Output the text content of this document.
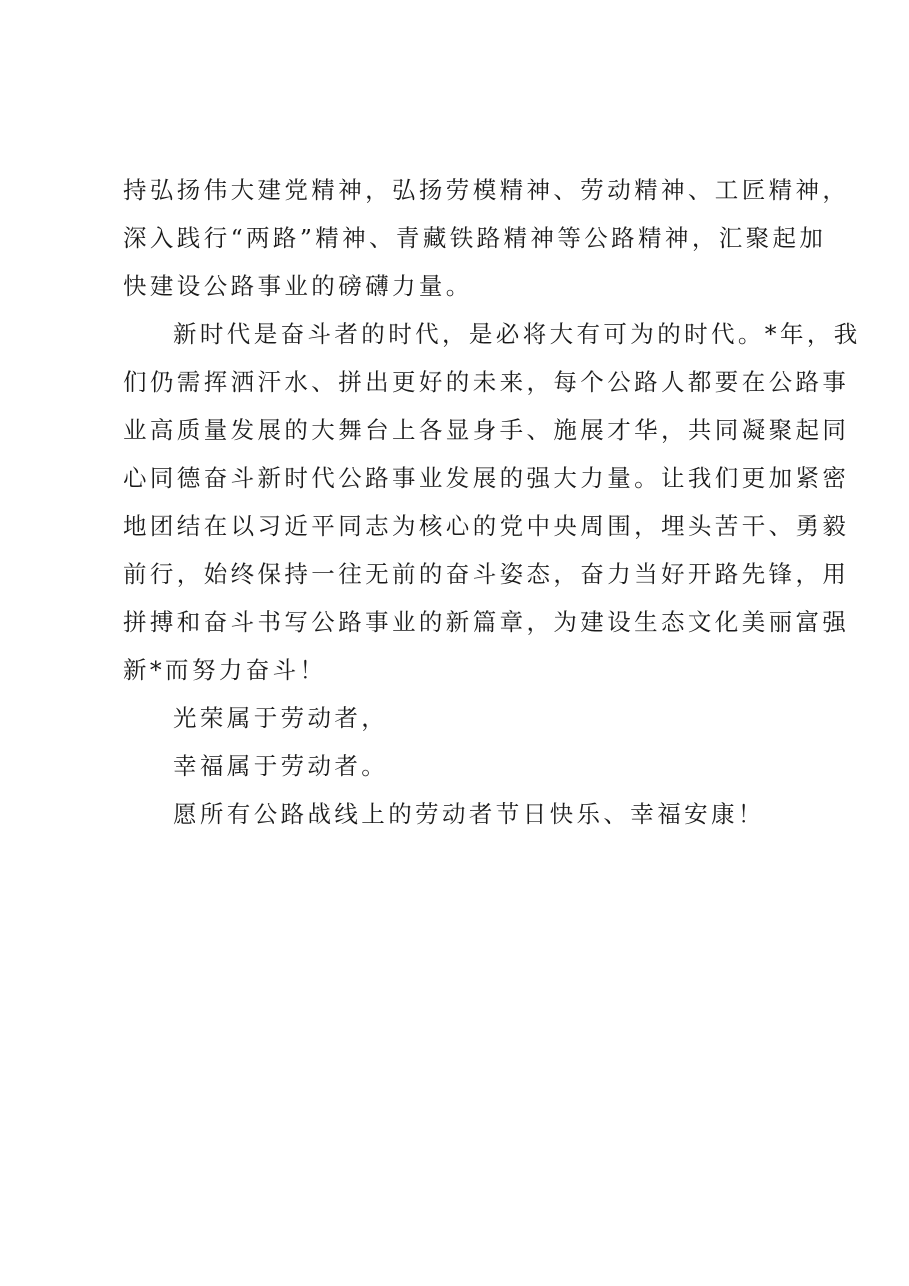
持弘扬伟大建党精神，弘扬劳模精神、劳动精神、工匠精神，
深入践行“两路”精神、青藏铁路精神等公路精神，汇聚起加
快建设公路事业的磅礴力量。
新时代是奋斗者的时代，是必将大有可为的时代。*年，我
们仍需挥洒汗水、拼出更好的未来，每个公路人都要在公路事
业高质量发展的大舞台上各显身手、施展才华，共同凝聚起同
心同德奋斗新时代公路事业发展的强大力量。让我们更加紧密
地团结在以习近平同志为核心的党中央周围，埋头苦干、勇毅
前行，始终保持一往无前的奋斗姿态，奋力当好开路先锋，用
拼搏和奋斗书写公路事业的新篇章，为建设生态文化美丽富强
新*而努力奋斗！
光荣属于劳动者，
幸福属于劳动者。
愿所有公路战线上的劳动者节日快乐、幸福安康！
